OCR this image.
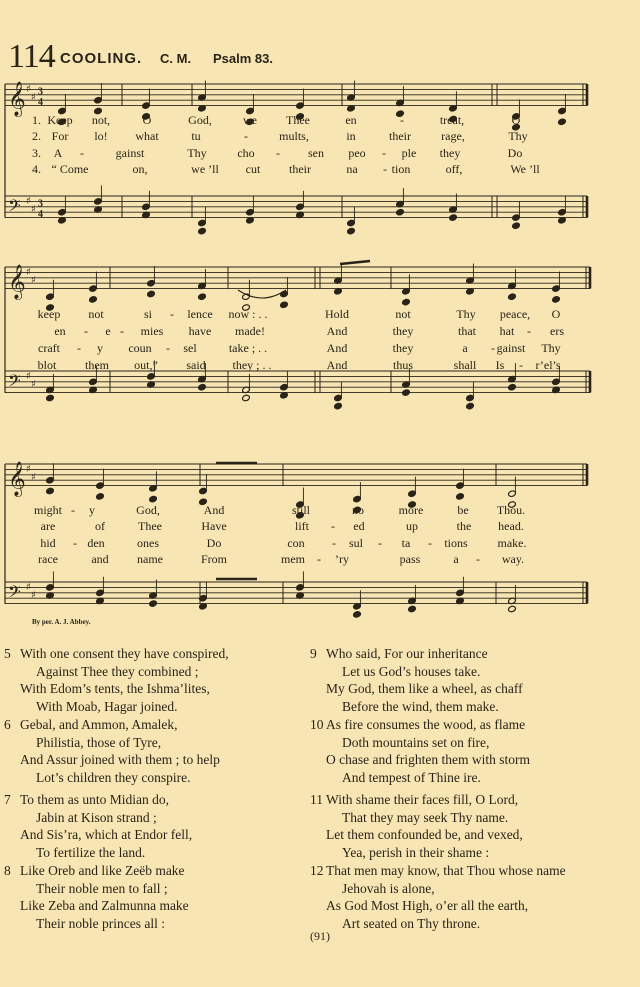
114 COOLING. C. M. Psalm 83.
𝄞 ♯
♯
3
4
𝄢 ♯
♯
3
4
𝄞 ♯
♯
𝄢 ♯
♯
𝄞 ♯
♯
𝄢 ♯
♯
1. Keep not,	O	God,	we Thee	en	-	treat,	O
2. For lo! what	tu	-	mults,	in	their	rage,	Thy
3. A -	gainst	Thy	cho - sen peo - ple they	Do
4. “ Come	on,	we ’ll cut their	na - tion	off,	We ’ll
keep not	si - lence now : . .	Hold	not	Thy peace, O
en - e - mies have made!	And	they	that hat - ers
craft - y coun - sel	take ; . .	And	they	a - gainst Thy
blot them out,” said they ; . .	And	thus	shall Is - r’el’s
might - y	God,	And	still	no	more	be Thou.
are	of	Thee	Have	lift - ed	up	the head.
hid - den	ones	Do	con - sul - ta - tions make.
race	and name	From	mem - ’ry	pass	a - way.
By per. A. J. Abbey.
5 With one consent they have conspired,
Against Thee they combined ;
With Edom’s tents, the Ishma’lites,
With Moab, Hagar joined.
6 Gebal, and Ammon, Amalek,
Philistia, those of Tyre,
And Assur joined with them ; to help
Lot’s children they conspire.
7 To them as unto Midian do,
Jabin at Kison strand ;
And Sis’ra, which at Endor fell,
To fertilize the land.
8 Like Oreb and like Zeëb make
Their noble men to fall ;
Like Zeba and Zalmunna make
Their noble princes all :
9 Who said, For our inheritance
Let us God’s houses take.
My God, them like a wheel, as chaff
Before the wind, them make.
10 As fire consumes the wood, as flame
Doth mountains set on fire,
O chase and frighten them with storm
And tempest of Thine ire.
11 With shame their faces fill, O Lord,
That they may seek Thy name.
Let them confounded be, and vexed,
Yea, perish in their shame :
12 That men may know, that Thou whose name
Jehovah is alone,
As God Most High, o’er all the earth,
Art seated on Thy throne.
(91)
